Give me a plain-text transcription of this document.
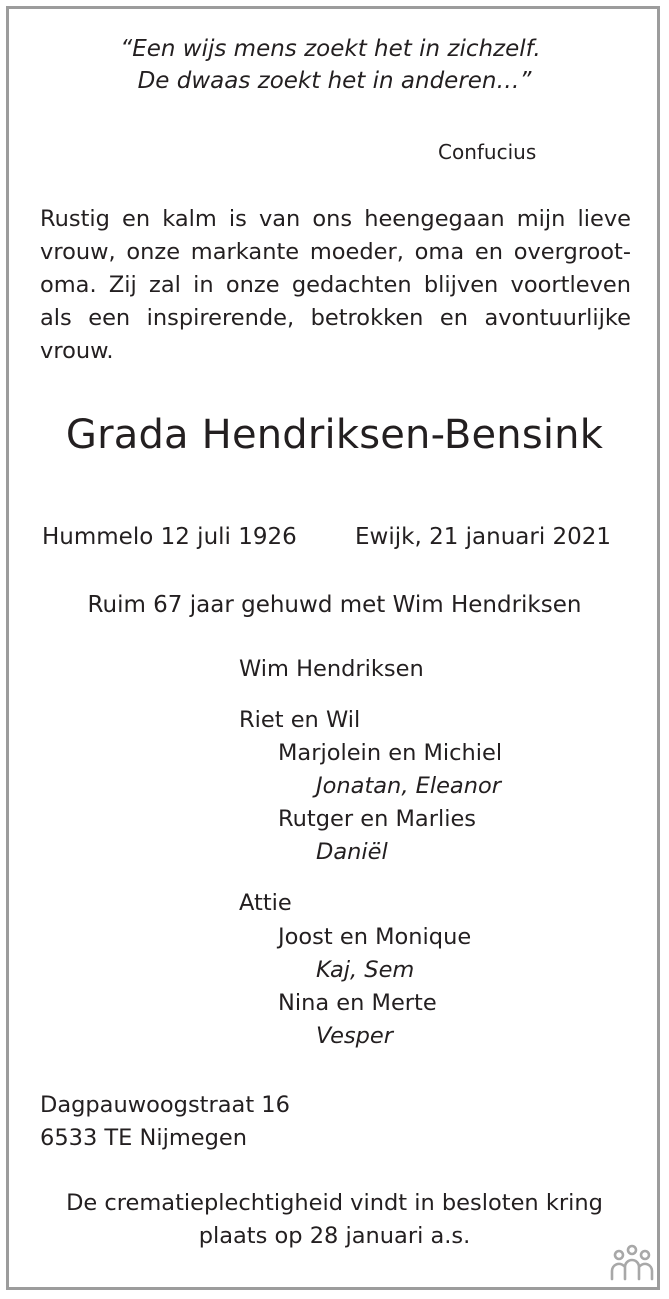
“Een wijs mens zoekt het in zichzelf.
De dwaas zoekt het in anderen…”
Confucius
Rustig en kalm is van ons heengegaan mijn lieve
vrouw, onze markante moeder, oma en overgroot-
oma. Zij zal in onze gedachten blijven voortleven
als een inspirerende, betrokken en avontuurlijke
vrouw.
Grada Hendriksen-Bensink
Hummelo 12 juli 1926	Ewijk, 21 januari 2021
Ruim 67 jaar gehuwd met Wim Hendriksen
Wim Hendriksen
Riet en Wil
Marjolein en Michiel
Jonatan, Eleanor
Rutger en Marlies
Daniël
Attie
Joost en Monique
Kaj, Sem
Nina en Merte
Vesper
Dagpauwoogstraat 16
6533 TE Nijmegen
De crematieplechtigheid vindt in besloten kring
plaats op 28 januari a.s.
